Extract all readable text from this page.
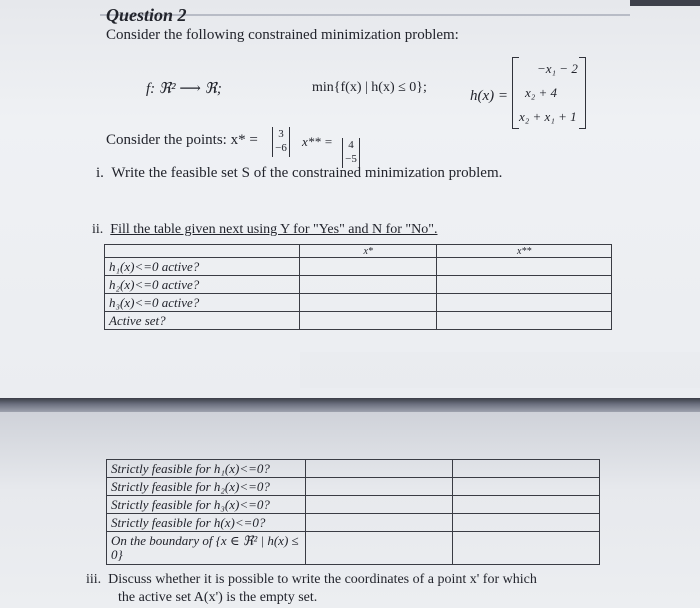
Question 2
Consider the following constrained minimization problem:
f: ℜ² ⟶ ℜ;	min{f(x) | h(x) ≤ 0};
h(x) =
−x₁ − 2
x₂ + 4
x₂ + x₁ + 1
Consider the points: x* =	3
−6 x** =	4
−5
i. Write the feasible set S of the constrained minimization problem.
ii. Fill the table given next using Y for "Yes" and N for "No".
	x*	x**
h₁(x)<=0 active?		
h₂(x)<=0 active?		
h₃(x)<=0 active?		
Active set?		
Strictly feasible for h₁(x)<=0?		
Strictly feasible for h₂(x)<=0?		
Strictly feasible for h₃(x)<=0?		
Strictly feasible for h(x)<=0?		
On the boundary of {x ∈ ℜ² | h(x) ≤ 0}		
iii. Discuss whether it is possible to write the coordinates of a point x' for which
the active set A(x') is the empty set.
